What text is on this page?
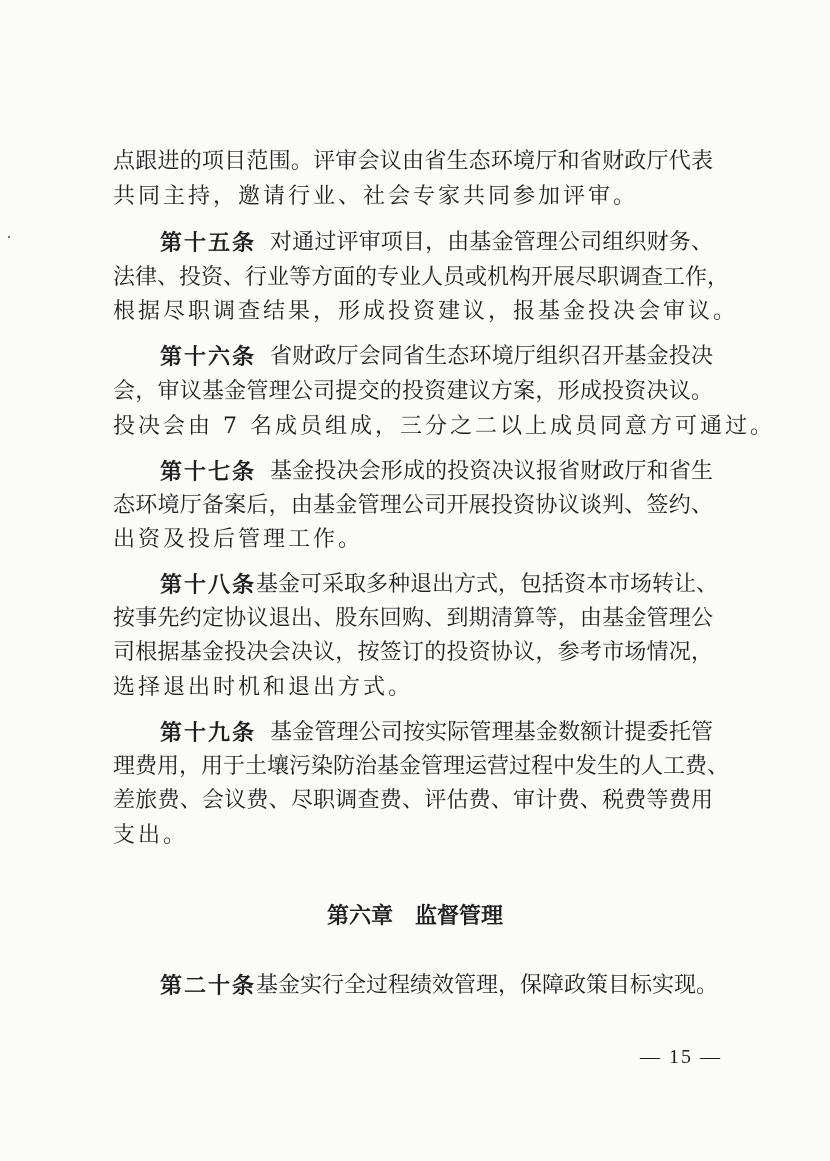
点跟进的项目范围。评审会议由省生态环境厅和省财政厅代表
共同主持，邀请行业、社会专家共同参加评审。
第十五条 对通过评审项目，由基金管理公司组织财务、
法律、投资、行业等方面的专业人员或机构开展尽职调查工作，
根据尽职调查结果，形成投资建议，报基金投决会审议。
第十六条 省财政厅会同省生态环境厅组织召开基金投决
会，审议基金管理公司提交的投资建议方案，形成投资决议。
投决会由 7 名成员组成，三分之二以上成员同意方可通过。
第十七条 基金投决会形成的投资决议报省财政厅和省生
态环境厅备案后，由基金管理公司开展投资协议谈判、签约、
出资及投后管理工作。
第十八条 基金可采取多种退出方式，包括资本市场转让、
按事先约定协议退出、股东回购、到期清算等，由基金管理公
司根据基金投决会决议，按签订的投资协议，参考市场情况，
选择退出时机和退出方式。
第十九条 基金管理公司按实际管理基金数额计提委托管
理费用，用于土壤污染防治基金管理运营过程中发生的人工费、
差旅费、会议费、尽职调查费、评估费、审计费、税费等费用
支出。
第六章　监督管理
第二十条 基金实行全过程绩效管理，保障政策目标实现。
— 15 —
